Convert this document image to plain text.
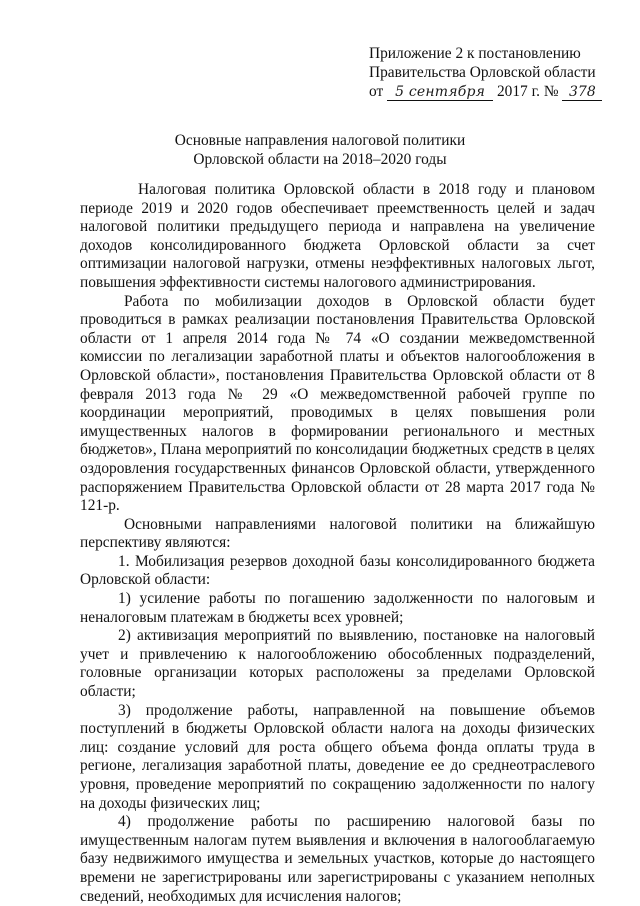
Приложение 2 к постановлению
Правительства Орловской области
от 5 сентября 2017 г. № 378
Основные направления налоговой политики
Орловской области на 2018–2020 годы

Налоговая политика Орловской области в 2018 году и плановом периоде 2019 и 2020 годов обеспечивает преемственность целей и задач налоговой политики предыдущего периода и направлена на увеличение доходов консолидированного бюджета Орловской области за счет оптимизации налоговой нагрузки, отмены неэффективных налоговых льгот, повышения эффективности системы налогового администрирования.

Работа по мобилизации доходов в Орловской области будет проводиться в рамках реализации постановления Правительства Орловской области от 1 апреля 2014 года № 74 «О создании межведомственной комиссии по легализации заработной платы и объектов налогообложения в Орловской области», постановления Правительства Орловской области от 8 февраля 2013 года № 29 «О межведомственной рабочей группе по координации мероприятий, проводимых в целях повышения роли имущественных налогов в формировании регионального и местных бюджетов», Плана мероприятий по консолидации бюджетных средств в целях оздоровления государственных финансов Орловской области, утвержденного распоряжением Правительства Орловской области от 28 марта 2017 года № 121-р.

Основными направлениями налоговой политики на ближайшую перспективу являются:

1. Мобилизация резервов доходной базы консолидированного бюджета Орловской области:

1) усиление работы по погашению задолженности по налоговым и неналоговым платежам в бюджеты всех уровней;

2) активизация мероприятий по выявлению, постановке на налоговый учет и привлечению к налогообложению обособленных подразделений, головные организации которых расположены за пределами Орловской области;

3) продолжение работы, направленной на повышение объемов поступлений в бюджеты Орловской области налога на доходы физических лиц: создание условий для роста общего объема фонда оплаты труда в регионе, легализация заработной платы, доведение ее до среднеотраслевого уровня, проведение мероприятий по сокращению задолженности по налогу на доходы физических лиц;

4) продолжение работы по расширению налоговой базы по имущественным налогам путем выявления и включения в налогооблагаемую базу недвижимого имущества и земельных участков, которые до настоящего времени не зарегистрированы или зарегистрированы с указанием неполных сведений, необходимых для исчисления налогов;
